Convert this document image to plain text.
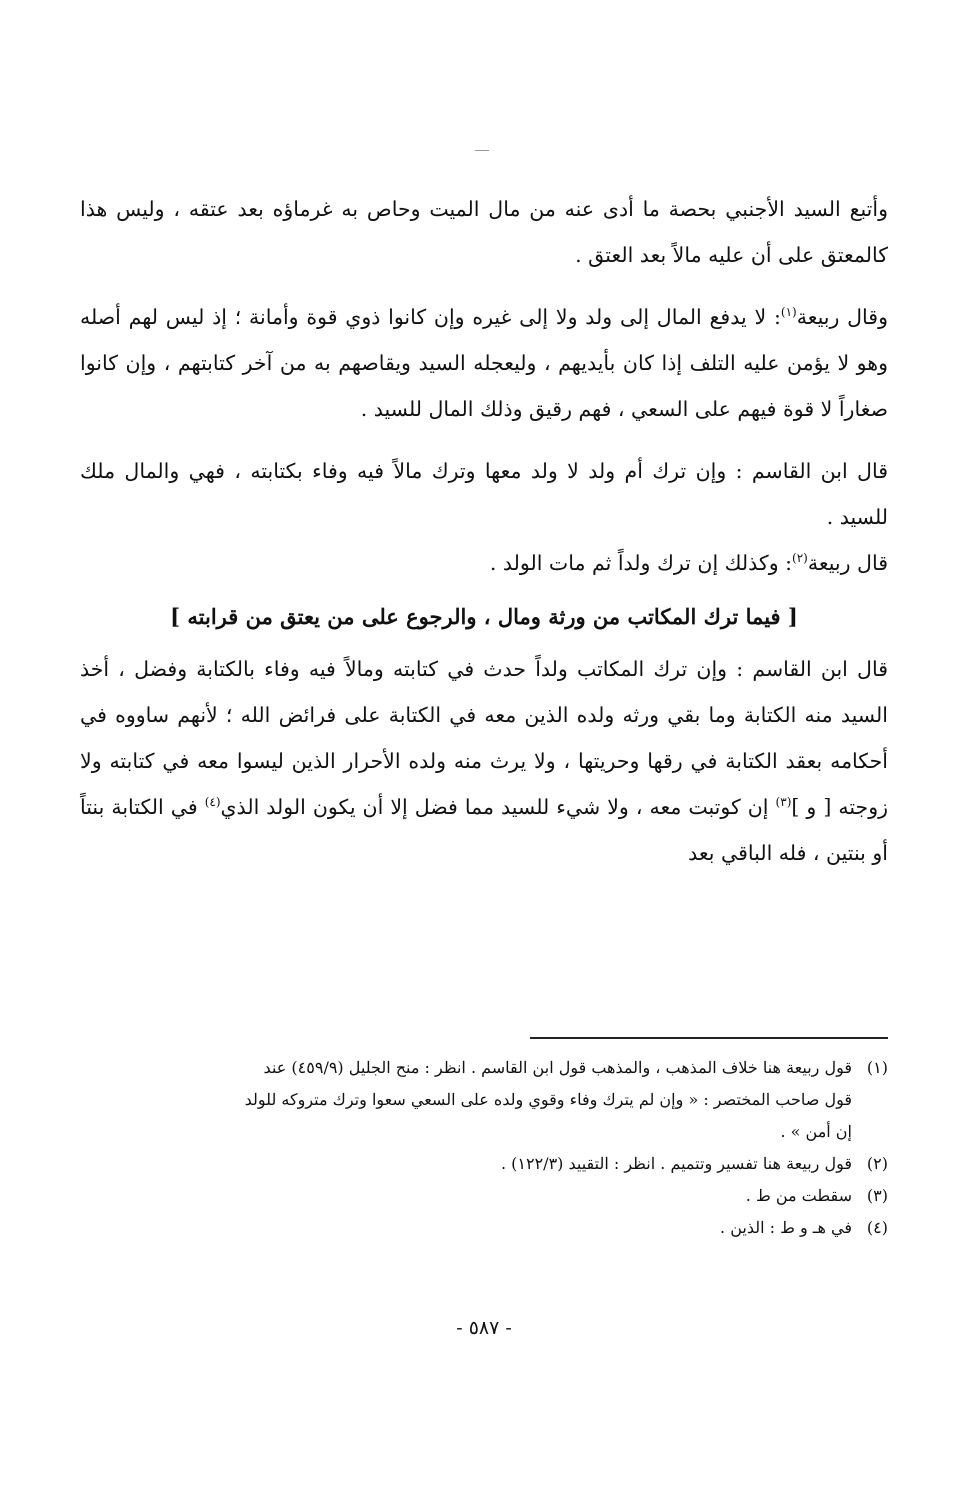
وأتبع السيد الأجنبي بحصة ما أدى عنه من مال الميت وحاص به غرماؤه بعد عتقه ، وليس هذا كالمعتق على أن عليه مالاً بعد العتق .

وقال ربيعة$^{(١)}$: لا يدفع المال إلى ولد ولا إلى غيره وإن كانوا ذوي قوة وأمانة ؛ إذ ليس لهم أصله وهو لا يؤمن عليه التلف إذا كان بأيديهم ، وليعجله السيد ويقاصهم به من آخر كتابتهم ، وإن كانوا صغاراً لا قوة فيهم على السعي ، فهم رقيق وذلك المال للسيد .

قال ابن القاسم : وإن ترك أم ولد لا ولد معها وترك مالاً فيه وفاء بكتابته ، فهي والمال ملك للسيد .

قال ربيعة$^{(٢)}$: وكذلك إن ترك ولداً ثم مات الولد .

[ فيما ترك المكاتب من ورثة ومال ، والرجوع على من يعتق من قرابته ]

قال ابن القاسم : وإن ترك المكاتب ولداً حدث في كتابته ومالاً فيه وفاء بالكتابة وفضل ، أخذ السيد منه الكتابة وما بقي ورثه ولده الذين معه في الكتابة على فرائض الله ؛ لأنهم ساووه في أحكامه بعقد الكتابة في رقها وحريتها ، ولا يرث منه ولده الأحرار الذين ليسوا معه في كتابته ولا زوجته [ و ]$^{(٣)}$ إن كوتبت معه ، ولا شيء للسيد مما فضل إلا أن يكون الولد الذي$^{(٤)}$ في الكتابة بنتاً أو بنتين ، فله الباقي بعد

(١)قول ربيعة هنا خلاف المذهب ، والمذهب قول ابن القاسم . انظر : منح الجليل (٤٥٩/٩) عند

قول صاحب المختصر : « وإن لم يترك وفاء وقوي ولده على السعي سعوا وترك متروكه للولد

إن أمن » .

(٢)قول ربيعة هنا تفسير وتتميم . انظر : التقييد (١٢٢/٣) .

(٣)سقطت من ط .

(٤)في هـ و ط : الذين .

- ٥٨٧ -
